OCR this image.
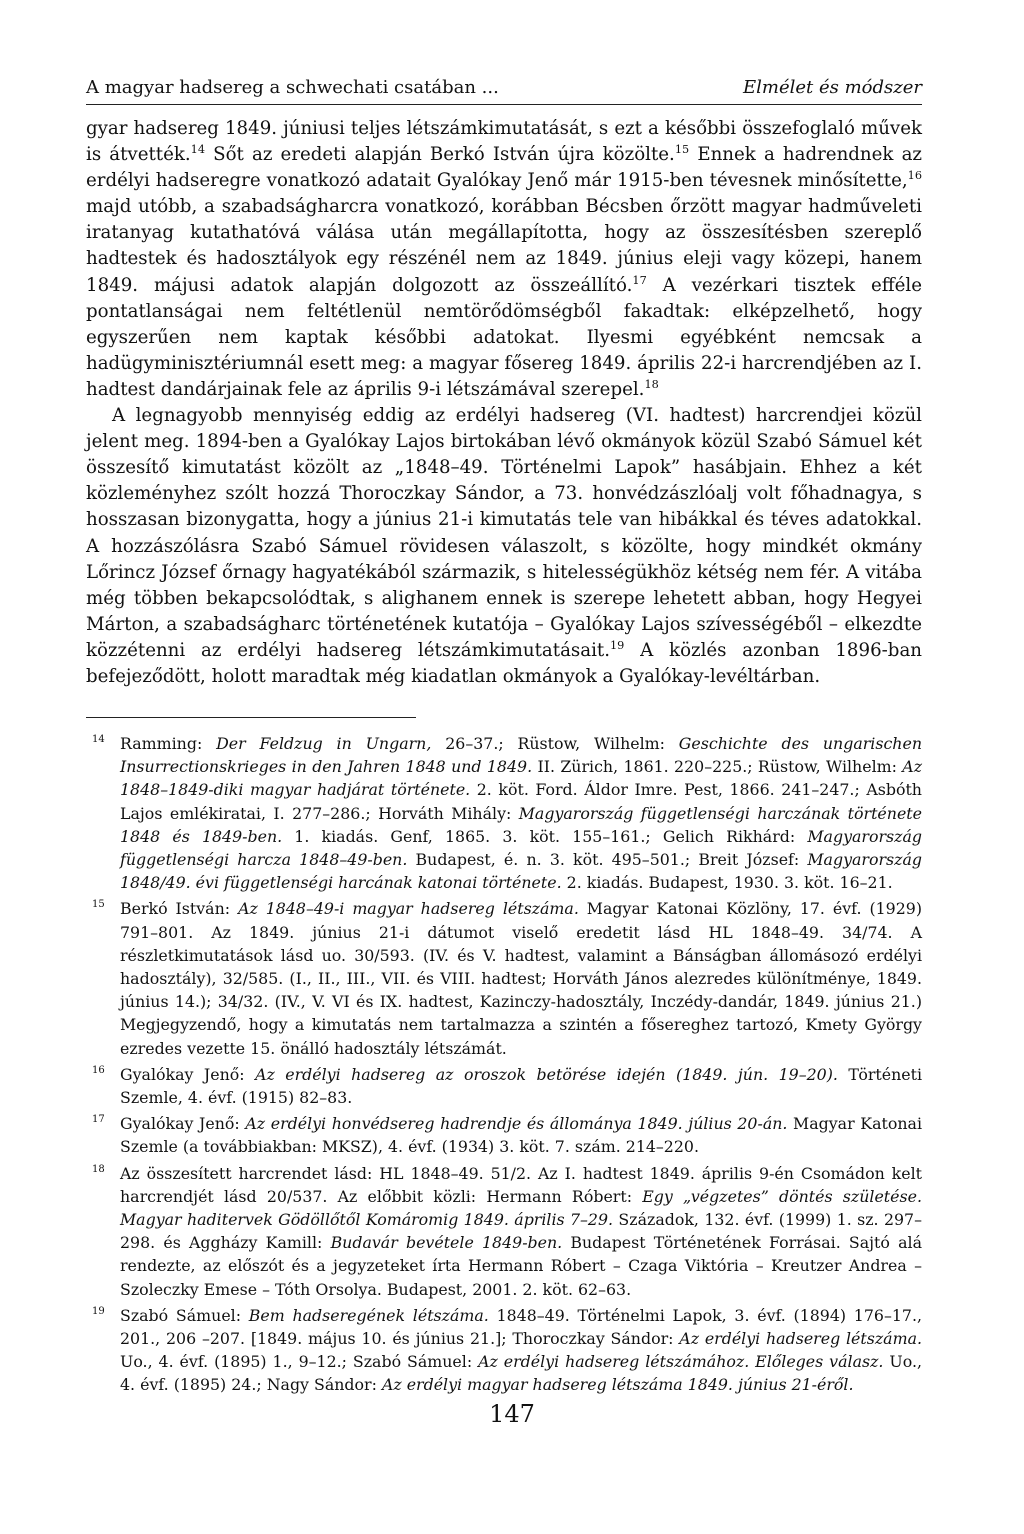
A magyar hadsereg a schwechati csatában ...	Elmélet és módszer

gyar hadsereg 1849. júniusi teljes létszámkimutatását, s ezt a későbbi összefoglaló művek is átvették.$^{14}$ Sőt az eredeti alapján Berkó István újra közölte.$^{15}$ Ennek a hadrendnek az erdélyi hadseregre vonatkozó adatait Gyalókay Jenő már 1915-ben tévesnek minősítette,$^{16}$ majd utóbb, a szabadságharcra vonatkozó, korábban Bécsben őrzött magyar hadműveleti iratanyag kutathatóvá válása után megállapította, hogy az összesítésben szereplő hadtestek és hadosztályok egy részénél nem az 1849. június eleji vagy közepi, hanem 1849. májusi adatok alapján dolgozott az összeállító.$^{17}$ A vezérkari tisztek efféle pontatlanságai nem feltétlenül nemtörődömségből fakadtak: elképzelhető, hogy egyszerűen nem kaptak későbbi adatokat. Ilyesmi egyébként nemcsak a hadügyminisztériumnál esett meg: a magyar fősereg 1849. április 22-i harcrendjében az I. hadtest dandárjainak fele az április 9-i létszámával szerepel.$^{18}$

A legnagyobb mennyiség eddig az erdélyi hadsereg (VI. hadtest) harcrendjei közül jelent meg. 1894-ben a Gyalókay Lajos birtokában lévő okmányok közül Szabó Sámuel két összesítő kimutatást közölt az „1848–49. Történelmi Lapok” hasábjain. Ehhez a két közleményhez szólt hozzá Thoroczkay Sándor, a 73. honvédzászlóalj volt főhadnagya, s hosszasan bizonygatta, hogy a június 21-i kimutatás tele van hibákkal és téves adatokkal. A hozzászólásra Szabó Sámuel rövidesen válaszolt, s közölte, hogy mindkét okmány Lőrincz József őrnagy hagyatékából származik, s hitelességükhöz kétség nem fér. A vitába még többen bekapcsolódtak, s alighanem ennek is szerepe lehetett abban, hogy Hegyei Márton, a szabadságharc történetének kutatója – Gyalókay Lajos szívességéből – elkezdte közzétenni az erdélyi hadsereg létszámkimutatásait.$^{19}$ A közlés azonban 1896-ban befejeződött, holott maradtak még kiadatlan okmányok a Gyalókay-levéltárban.

14 Ramming: Der Feldzug in Ungarn, 26–37.; Rüstow, Wilhelm: Geschichte des ungarischen Insurrectionskrieges in den Jahren 1848 und 1849. II. Zürich, 1861. 220–225.; Rüstow, Wilhelm: Az 1848–1849-diki magyar hadjárat története. 2. köt. Ford. Áldor Imre. Pest, 1866. 241–247.; Asbóth Lajos emlékiratai, I. 277–286.; Horváth Mihály: Magyarország függetlenségi harczának története 1848 és 1849-ben. 1. kiadás. Genf, 1865. 3. köt. 155–161.; Gelich Rikhárd: Magyarország függetlenségi harcza 1848–49-ben. Budapest, é. n. 3. köt. 495–501.; Breit József: Magyarország 1848/49. évi függetlenségi harcának katonai története. 2. kiadás. Budapest, 1930. 3. köt. 16–21.
15 Berkó István: Az 1848–49-i magyar hadsereg létszáma. Magyar Katonai Közlöny, 17. évf. (1929) 791–801. Az 1849. június 21-i dátumot viselő eredetit lásd HL 1848–49. 34/74. A részletkimutatások lásd uo. 30/593. (IV. és V. hadtest, valamint a Bánságban állomásozó erdélyi hadosztály), 32/585. (I., II., III., VII. és VIII. hadtest; Horváth János alezredes különítménye, 1849. június 14.); 34/32. (IV., V. VI és IX. hadtest, Kazinczy-hadosztály, Inczédy-dandár, 1849. június 21.) Megjegyzendő, hogy a kimutatás nem tartalmazza a szintén a fősereghez tartozó, Kmety György ezredes vezette 15. önálló hadosztály létszámát.
16 Gyalókay Jenő: Az erdélyi hadsereg az oroszok betörése idején (1849. jún. 19–20). Történeti Szemle, 4. évf. (1915) 82–83.
17 Gyalókay Jenő: Az erdélyi honvédsereg hadrendje és állománya 1849. július 20-án. Magyar Katonai Szemle (a továbbiakban: MKSZ), 4. évf. (1934) 3. köt. 7. szám. 214–220.
18 Az összesített harcrendet lásd: HL 1848–49. 51/2. Az I. hadtest 1849. április 9-én Csomádon kelt harcrendjét lásd 20/537. Az előbbit közli: Hermann Róbert: Egy „végzetes” döntés születése. Magyar haditervek Gödöllőtől Komáromig 1849. április 7–29. Századok, 132. évf. (1999) 1. sz. 297–298. és Aggházy Kamill: Budavár bevétele 1849-ben. Budapest Történetének Forrásai. Sajtó alá rendezte, az előszót és a jegyzeteket írta Hermann Róbert – Czaga Viktória – Kreutzer Andrea – Szoleczky Emese – Tóth Orsolya. Budapest, 2001. 2. köt. 62–63.
19 Szabó Sámuel: Bem hadseregének létszáma. 1848–49. Történelmi Lapok, 3. évf. (1894) 176–17., 201., 206 –207. [1849. május 10. és június 21.]; Thoroczkay Sándor: Az erdélyi hadsereg létszáma. Uo., 4. évf. (1895) 1., 9–12.; Szabó Sámuel: Az erdélyi hadsereg létszámához. Előleges válasz. Uo., 4. évf. (1895) 24.; Nagy Sándor: Az erdélyi magyar hadsereg létszáma 1849. június 21-éről.
147
